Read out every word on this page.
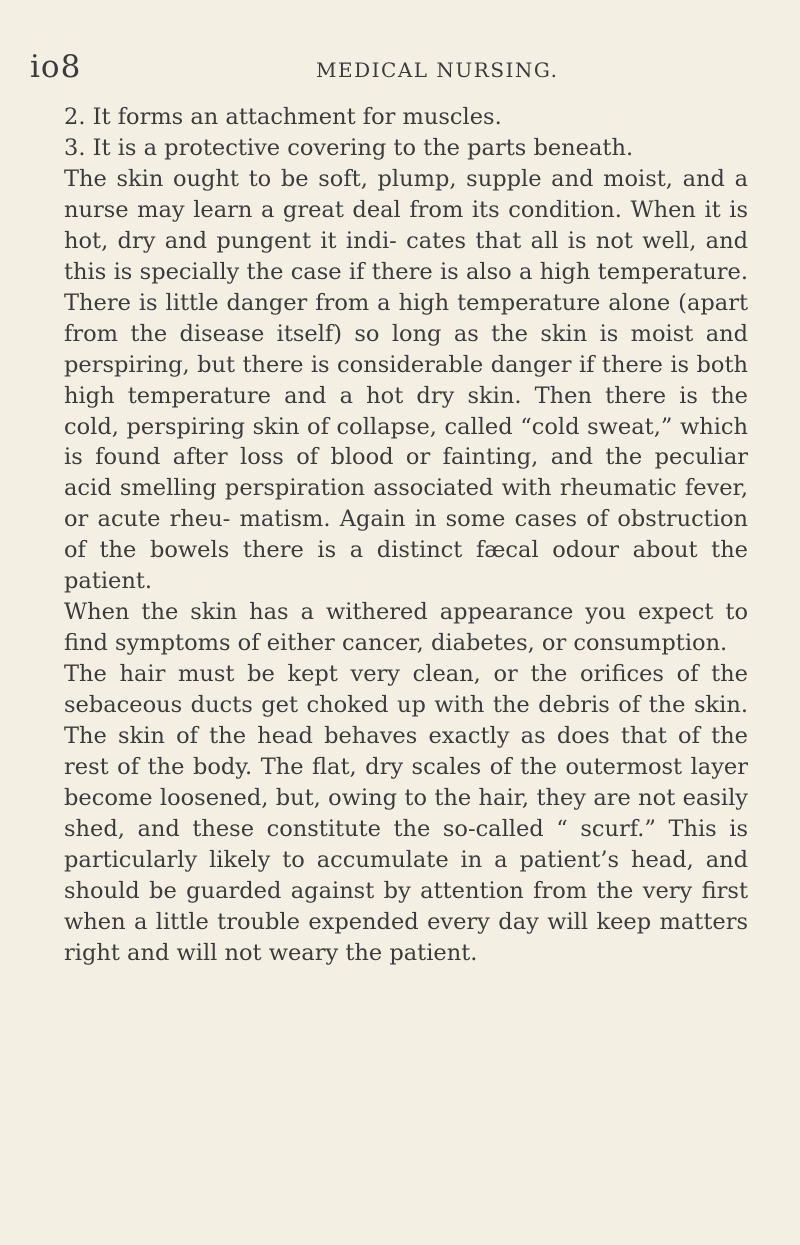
io8	MEDICAL NURSING.

2. It forms an attachment for muscles.

3. It is a protective covering to the parts beneath.

The skin ought to be soft, plump, supple and moist, and a nurse may learn a great deal from its condition. When it is hot, dry and pungent it indi- cates that all is not well, and this is specially the case if there is also a high temperature. There is little danger from a high temperature alone (apart from the disease itself) so long as the skin is moist and perspiring, but there is considerable danger if there is both high temperature and a hot dry skin. Then there is the cold, perspiring skin of collapse, called “cold sweat,” which is found after loss of blood or fainting, and the peculiar acid smelling perspiration associated with rheumatic fever, or acute rheu- matism. Again in some cases of obstruction of the bowels there is a distinct fæcal odour about the patient.

When the skin has a withered appearance you expect to find symptoms of either cancer, diabetes, or consumption.

The hair must be kept very clean, or the orifices of the sebaceous ducts get choked up with the debris of the skin. The skin of the head behaves exactly as does that of the rest of the body. The flat, dry scales of the outermost layer become loosened, but, owing to the hair, they are not easily shed, and these constitute the so-called “ scurf.” This is particularly likely to accumulate in a patient’s head, and should be guarded against by attention from the very first when a little trouble expended every day will keep matters right and will not weary the patient.
